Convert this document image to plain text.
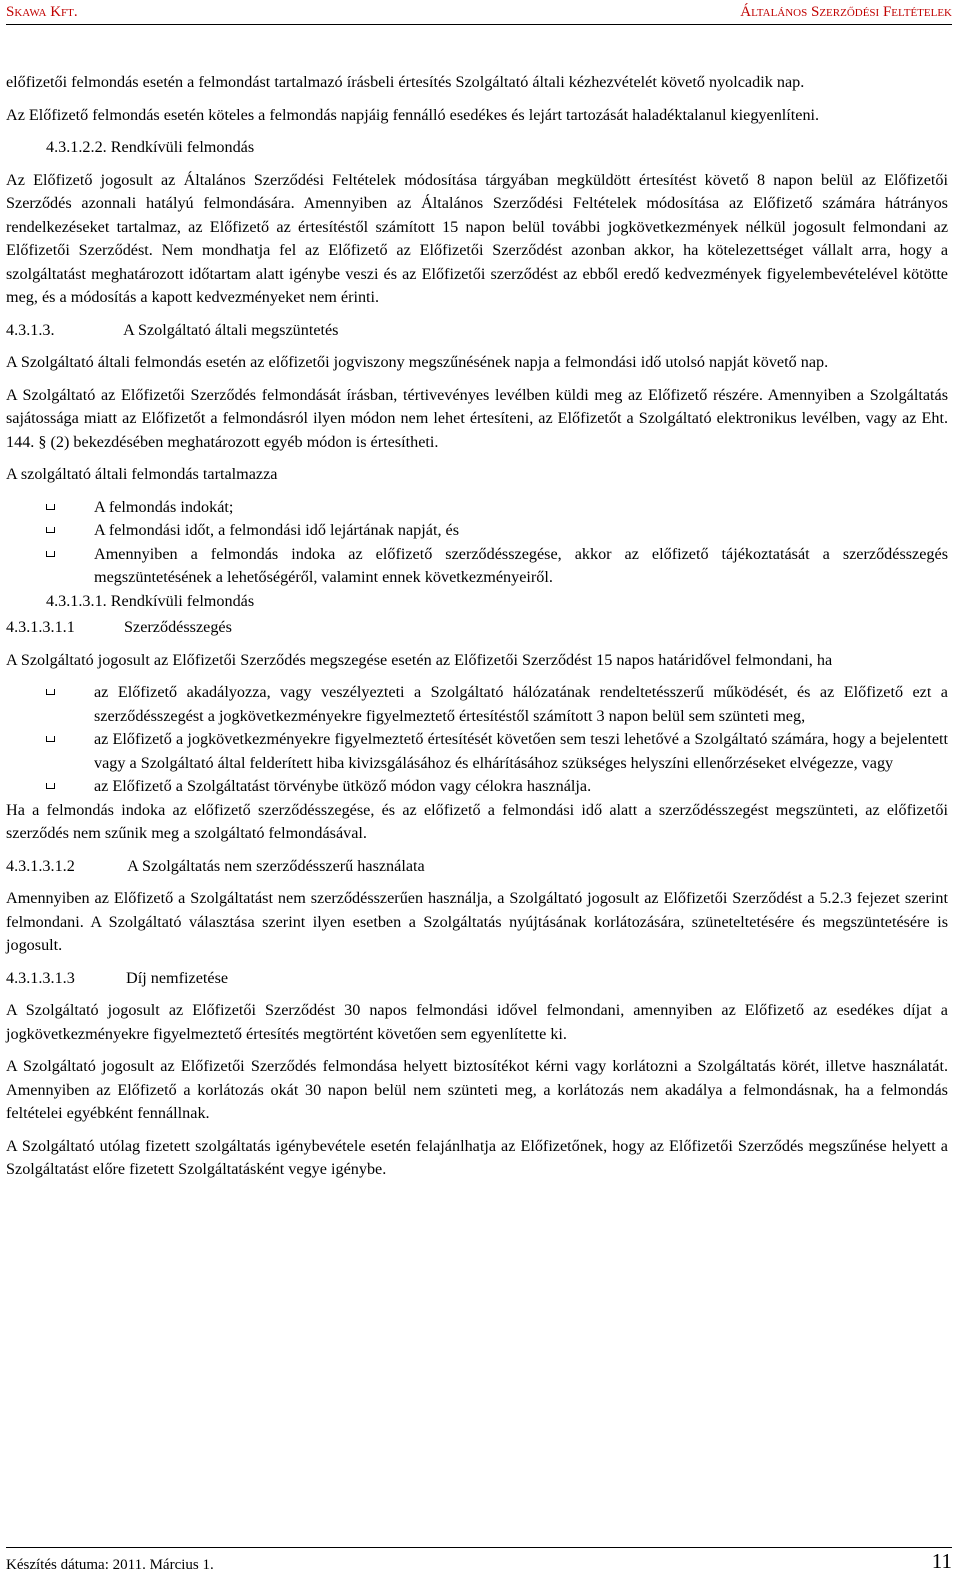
Skawa Kft.	Általános Szerződési Feltételek

előfizetői felmondás esetén a felmondást tartalmazó írásbeli értesítés Szolgáltató általi kézhezvételét követő nyolcadik nap.

Az Előfizető felmondás esetén köteles a felmondás napjáig fennálló esedékes és lejárt tartozását haladéktalanul kiegyenlíteni.

4.3.1.2.2. Rendkívüli felmondás

Az Előfizető jogosult az Általános Szerződési Feltételek módosítása tárgyában megküldött értesítést követő 8 napon belül az Előfizetői Szerződés azonnali hatályú felmondására. Amennyiben az Általános Szerződési Feltételek módosítása az Előfizető számára hátrányos rendelkezéseket tartalmaz, az Előfizető az értesítéstől számított 15 napon belül további jogkövetkezmények nélkül jogosult felmondani az Előfizetői Szerződést. Nem mondhatja fel az Előfizető az Előfizetői Szerződést azonban akkor, ha kötelezettséget vállalt arra, hogy a szolgáltatást meghatározott időtartam alatt igénybe veszi és az Előfizetői szerződést az ebből eredő kedvezmények figyelembevételével kötötte meg, és a módosítás a kapott kedvezményeket nem érinti.

4.3.1.3.	A Szolgáltató általi megszüntetés

A Szolgáltató általi felmondás esetén az előfizetői jogviszony megszűnésének napja a felmondási idő utolsó napját követő nap.

A Szolgáltató az Előfizetői Szerződés felmondását írásban, tértivevényes levélben küldi meg az Előfizető részére. Amennyiben a Szolgáltatás sajátossága miatt az Előfizetőt a felmondásról ilyen módon nem lehet értesíteni, az Előfizetőt a Szolgáltató elektronikus levélben, vagy az Eht. 144. § (2) bekezdésében meghatározott egyéb módon is értesítheti.

A szolgáltató általi felmondás tartalmazza

A felmondás indokát;
A felmondási időt, a felmondási idő lejártának napját, és
Amennyiben a felmondás indoka az előfizető szerződésszegése, akkor az előfizető tájékoztatását a szerződésszegés megszüntetésének a lehetőségéről, valamint ennek következményeiről.

4.3.1.3.1. Rendkívüli felmondás

4.3.1.3.1.1	Szerződésszegés

A Szolgáltató jogosult az Előfizetői Szerződés megszegése esetén az Előfizetői Szerződést 15 napos határidővel felmondani, ha

az Előfizető akadályozza, vagy veszélyezteti a Szolgáltató hálózatának rendeltetésszerű működését, és az Előfizető ezt a szerződésszegést a jogkövetkezményekre figyelmeztető értesítéstől számított 3 napon belül sem szünteti meg,
az Előfizető a jogkövetkezményekre figyelmeztető értesítését követően sem teszi lehetővé a Szolgáltató számára, hogy a bejelentett vagy a Szolgáltató által felderített hiba kivizsgálásához és elhárításához szükséges helyszíni ellenőrzéseket elvégezze, vagy
az Előfizető a Szolgáltatást törvénybe ütköző módon vagy célokra használja.

Ha a felmondás indoka az előfizető szerződésszegése, és az előfizető a felmondási idő alatt a szerződésszegést megszünteti, az előfizetői szerződés nem szűnik meg a szolgáltató felmondásával.

4.3.1.3.1.2	A Szolgáltatás nem szerződésszerű használata

Amennyiben az Előfizető a Szolgáltatást nem szerződésszerűen használja, a Szolgáltató jogosult az Előfizetői Szerződést a 5.2.3 fejezet szerint felmondani. A Szolgáltató választása szerint ilyen esetben a Szolgáltatás nyújtásának korlátozására, szüneteltetésére és megszüntetésére is jogosult.

4.3.1.3.1.3	Díj nemfizetése

A Szolgáltató jogosult az Előfizetői Szerződést 30 napos felmondási idővel felmondani, amennyiben az Előfizető az esedékes díjat a jogkövetkezményekre figyelmeztető értesítés megtörtént követően sem egyenlítette ki.

A Szolgáltató jogosult az Előfizetői Szerződés felmondása helyett biztosítékot kérni vagy korlátozni a Szolgáltatás körét, illetve használatát. Amennyiben az Előfizető a korlátozás okát 30 napon belül nem szünteti meg, a korlátozás nem akadálya a felmondásnak, ha a felmondás feltételei egyébként fennállnak.

A Szolgáltató utólag fizetett szolgáltatás igénybevétele esetén felajánlhatja az Előfizetőnek, hogy az Előfizetői Szerződés megszűnése helyett a Szolgáltatást előre fizetett Szolgáltatásként vegye igénybe.

Készítés dátuma: 2011. Március 1.	11
